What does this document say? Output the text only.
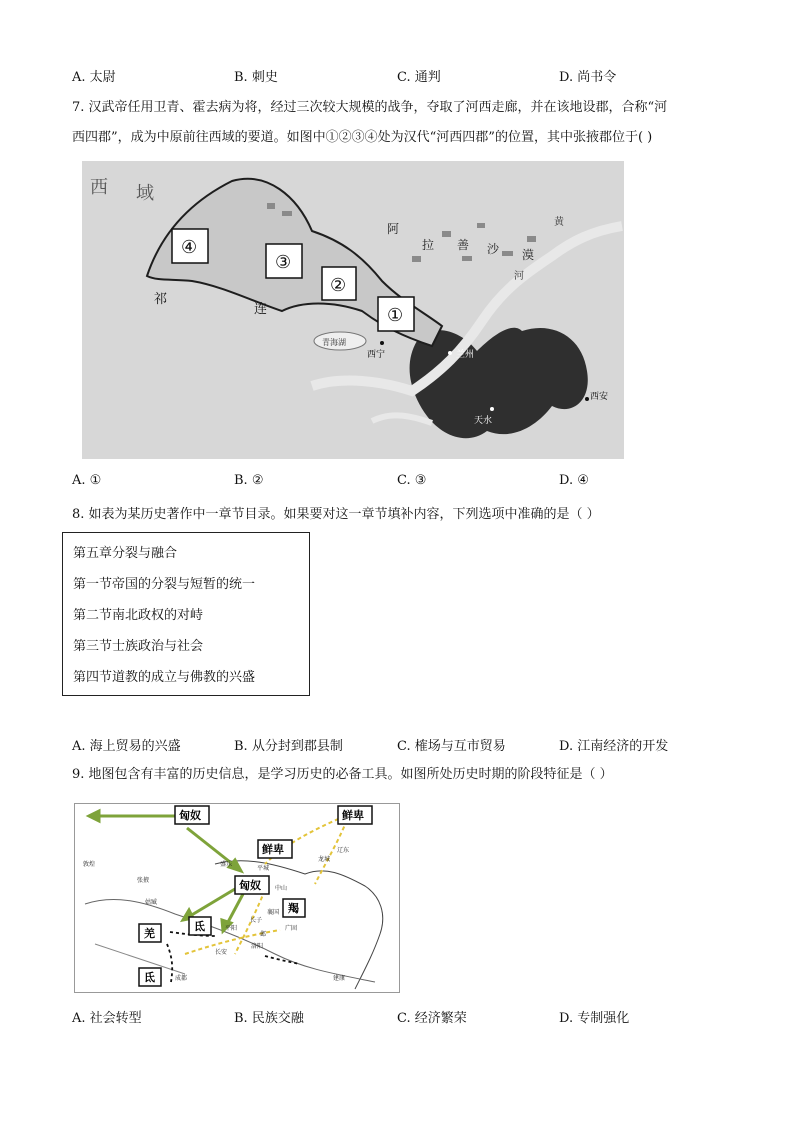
A. 太尉	B. 刺史	C. 通判	D. 尚书令
7. 汉武帝任用卫青、霍去病为将，经过三次较大规模的战争，夺取了河西走廊，并在该地设郡，合称“河
西四郡”，成为中原前往西域的要道。如图中①②③④处为汉代“河西四郡”的位置，其中张掖郡位于( )
西 域
阿
拉 善 沙 漠
祁
连
黄
河
青海湖
西宁	兰州
天水
西安
④
③
②
①
A. ①	B. ②	C. ③	D. ④
8. 如表为某历史著作中一章节目录。如果要对这一章节填补内容，下列选项中准确的是（ ）
第五章分裂与融合
第一节帝国的分裂与短暂的统一
第二节南北政权的对峙
第三节士族政治与社会
第四节道教的成立与佛教的兴盛
A. 海上贸易的兴盛	B. 从分封到郡县制	C. 榷场与互市贸易	D. 江南经济的开发
9. 地图包含有丰富的历史信息，是学习历史的必备工具。如图所处历史时期的阶段特征是（ ）
匈奴	鲜卑
鲜卑
匈奴
羯
氐
羌
氐
敦煌
张掖
姑臧
盛乐
平城
中山
龙城
辽东
长子
襄国
广固
平阳
邺
洛阳
长安
成都	建康
A. 社会转型	B. 民族交融	C. 经济繁荣	D. 专制强化
